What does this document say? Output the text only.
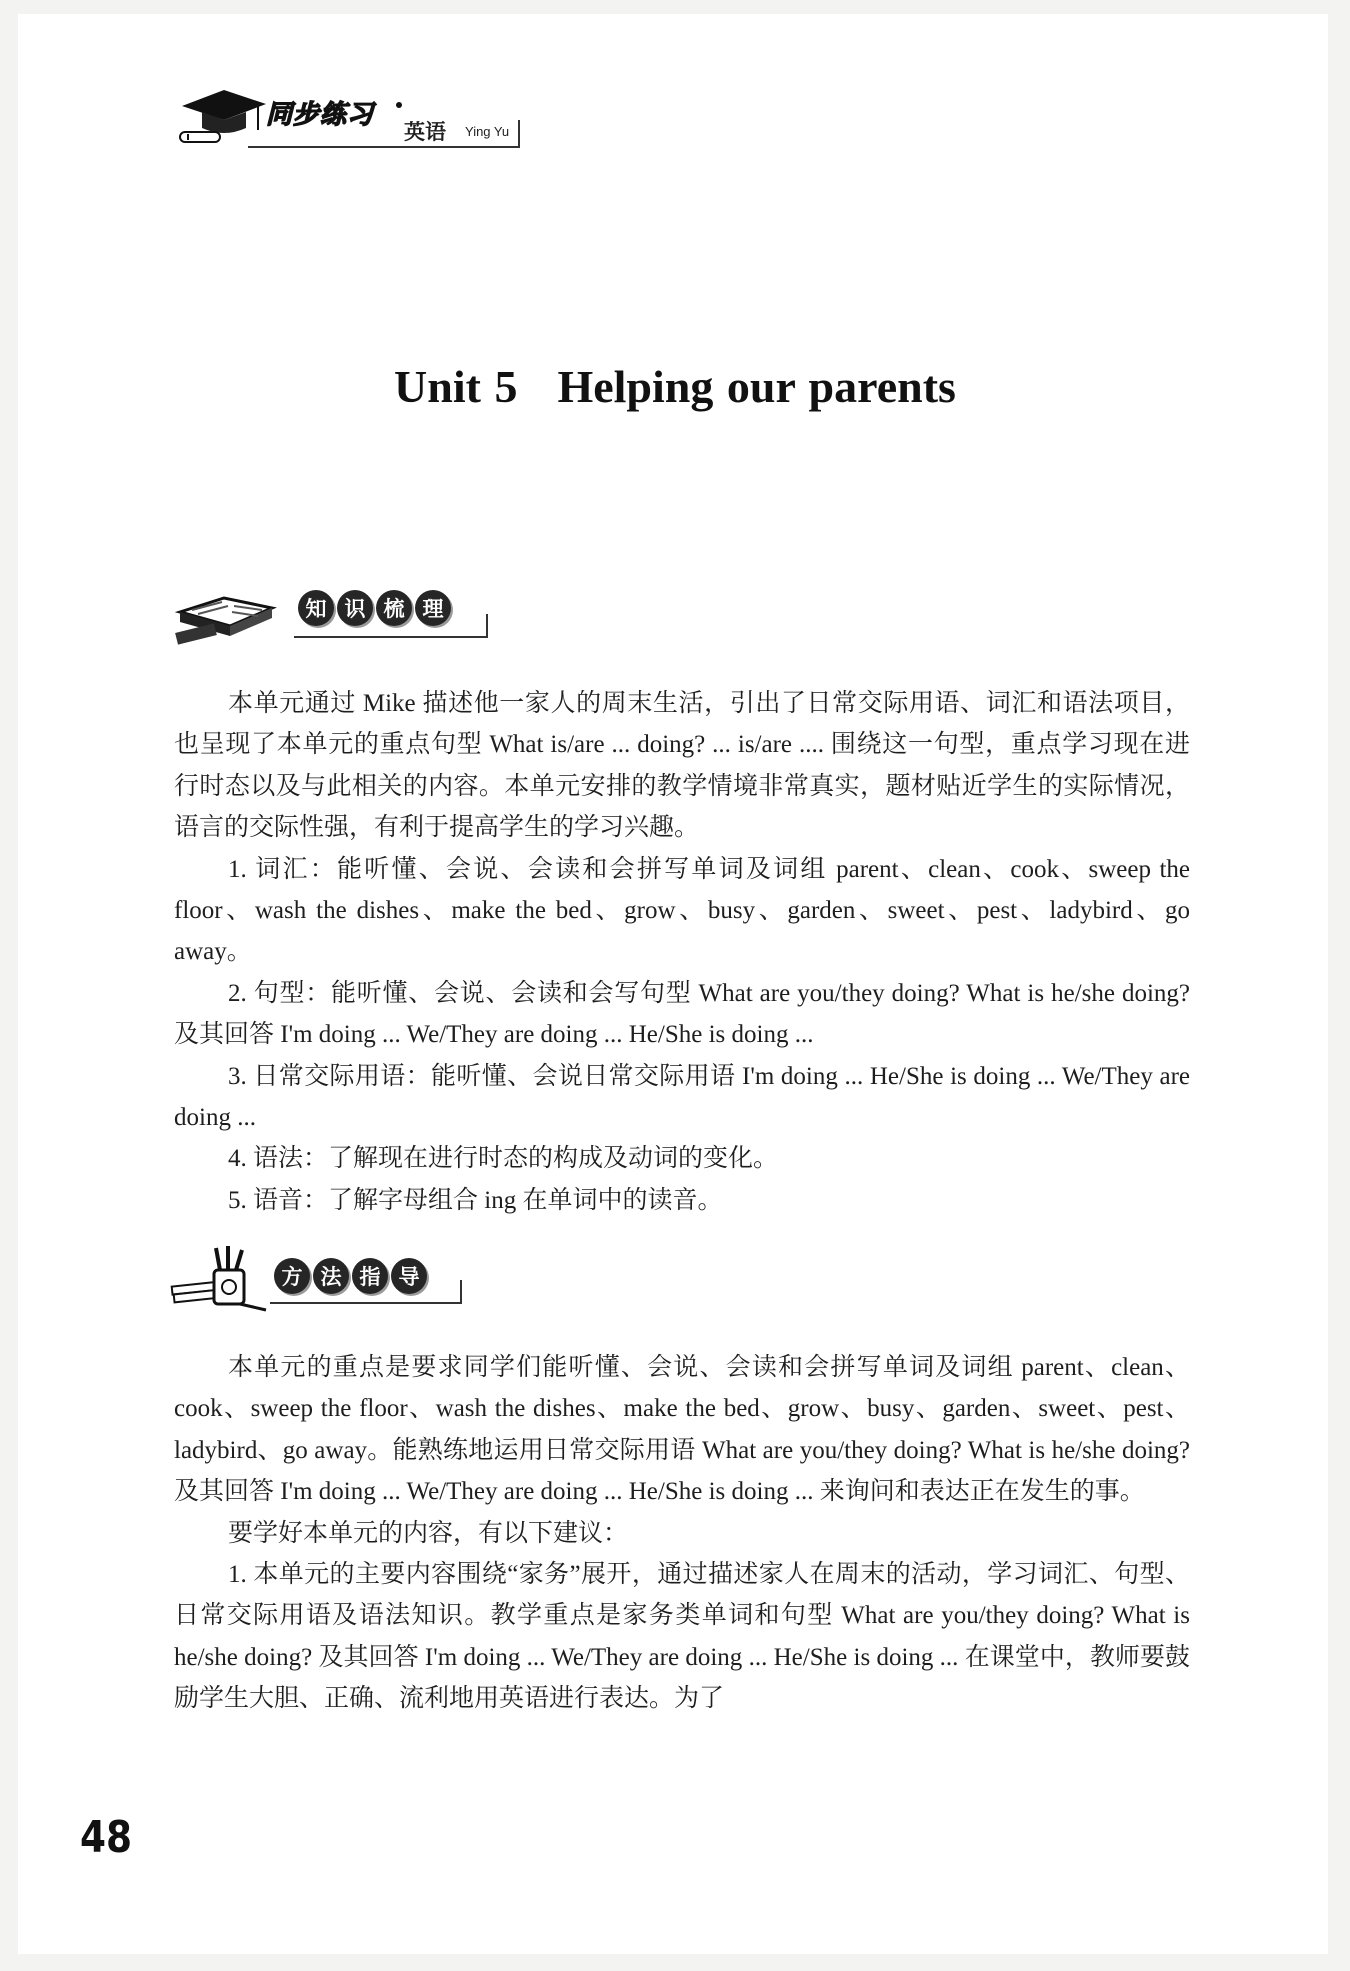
同步练习
英语 Ying Yu
Unit 5 Helping our parents
知 识 梳 理

本单元通过 Mike 描述他一家人的周末生活，引出了日常交际用语、词汇和语法项目，也呈现了本单元的重点句型 What is/are ... doing? ... is/are .... 围绕这一句型，重点学习现在进行时态以及与此相关的内容。本单元安排的教学情境非常真实，题材贴近学生的实际情况，语言的交际性强，有利于提高学生的学习兴趣。

1. 词汇：能听懂、会说、会读和会拼写单词及词组 parent、clean、cook、sweep the floor、wash the dishes、make the bed、grow、busy、garden、sweet、pest、ladybird、go away。

2. 句型：能听懂、会说、会读和会写句型 What are you/they doing? What is he/she doing? 及其回答 I'm doing ... We/They are doing ... He/She is doing ...

3. 日常交际用语：能听懂、会说日常交际用语 I'm doing ... He/She is doing ... We/They are doing ...

4. 语法：了解现在进行时态的构成及动词的变化。

5. 语音：了解字母组合 ing 在单词中的读音。

方 法 指 导

本单元的重点是要求同学们能听懂、会说、会读和会拼写单词及词组 parent、clean、cook、sweep the floor、wash the dishes、make the bed、grow、busy、garden、sweet、pest、ladybird、go away。能熟练地运用日常交际用语 What are you/they doing? What is he/she doing? 及其回答 I'm doing ... We/They are doing ... He/She is doing ... 来询问和表达正在发生的事。

要学好本单元的内容，有以下建议：

1. 本单元的主要内容围绕“家务”展开，通过描述家人在周末的活动，学习词汇、句型、日常交际用语及语法知识。教学重点是家务类单词和句型 What are you/they doing? What is he/she doing? 及其回答 I'm doing ... We/They are doing ... He/She is doing ... 在课堂中，教师要鼓励学生大胆、正确、流利地用英语进行表达。为了

48
